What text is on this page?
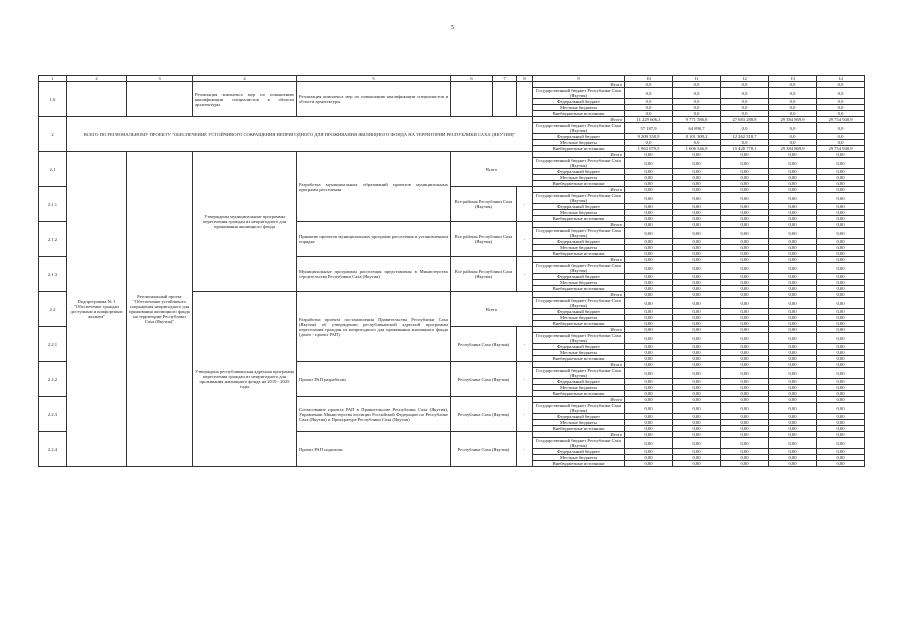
5
1	2	3	4	5	6	7	8	9	10	11	12	13	14
1.6			Реализация комплекса мер по повышению квалификации специалистов в области архитектуры	Реализация комплекса мер по повышению квалификации специалистов в области архитектуры				Итого	0,0	0,0	0,0	0,0	0,0
								Государственный бюджет Республики Саха (Якутия)	0,0	0,0	0,0	0,0	0,0
								Федеральный бюджет	0,0	0,0	0,0	0,0	0,0
								Местные бюджеты	0,0	0,0	0,0	0,0	0,0
								Внебюджетные источники	0,0	0,0	0,0	0,0	0,0
2	ВСЕГО ПО РЕГИОНАЛЬНОМУ ПРОЕКТУ "ОБЕСПЕЧЕНИЕ УСТОЙЧИВОГО СОКРАЩЕНИЯ НЕПРИГОДНОГО ДЛЯ ПРОЖИВАНИЯ ЖИЛИЩНОГО ФОНДА НА ТЕРРИТОРИИ РЕСПУБЛИКИ САХА (ЯКУТИЯ)"							Итого	11 229 606,3	9 771 586,8	27 683 288,8	29 384 869,9	29 754 940,9
								Государственный бюджет Республики Саха (Якутия)	57 187,9	64 890,7	0,0	0,0	0,0
								Федеральный бюджет	9 209 358,9	8 101 309,2	12 262 518,7	0,0	0,0
								Местные бюджеты	0,0	0,0	0,0	0,0	0,0
								Внебюджетные источники	1 963 079,5	1 606 546,9	15 420 770,1	29 384 869,9	29 754 940,9
2.1	Подпрограмма № 3 "Обеспечение граждан доступным и комфортным жильем"	Регоиональный проект "Обеспечение устойчивого сокращения непригодного для проживания жилищного фонда на территории Республики Саха (Якутия)"	Утверждены муниципальные программы переселения граждан из непригодного для проживания жилищного фонда	Разработка муниципальных образований проектов муниципальных программ расселения	Всего			Итого	0,00	0,00	0,00	0,00	0,00
								Государственный бюджет Республики Саха (Якутия)	0,00	0,00	0,00	0,00	0,00
								Федеральный бюджет	0,00	0,00	0,00	0,00	0,00
								Местные бюджеты	0,00	0,00	0,00	0,00	0,00
								Внебюджетные источники	0,00	0,00	0,00	0,00	0,00
2.1.1					Все районы Республики Саха (Якутия)		-	Итого	0,00	0,00	0,00	0,00	0,00
								Государственный бюджет Республики Саха (Якутия)	0,00	0,00	0,00	0,00	0,00
								Федеральный бюджет	0,00	0,00	0,00	0,00	0,00
								Местные бюджеты	0,00	0,00	0,00	0,00	0,00
								Внебюджетные источники	0,00	0,00	0,00	0,00	0,00
2.1.2				Принятие проектов муниципальных программ расселения в установленном порядке	Все районы Республики Саха (Якутия)		-	Итого	0,00	0,00	0,00	0,00	0,00
								Государственный бюджет Республики Саха (Якутия)	0,00	0,00	0,00	0,00	0,00
								Федеральный бюджет	0,00	0,00	0,00	0,00	0,00
								Местные бюджеты	0,00	0,00	0,00	0,00	0,00
								Внебюджетные источники	0,00	0,00	0,00	0,00	0,00
2.1.3				Муниципальные программы расселения представлены в Министерство строительства Республики Саха (Якутия)	Все районы Республики Саха (Якутия)		-	Итого	0,00	0,00	0,00	0,00	0,00
								Государственный бюджет Республики Саха (Якутия)	0,00	0,00	0,00	0,00	0,00
								Федеральный бюджет	0,00	0,00	0,00	0,00	0,00
								Местные бюджеты	0,00	0,00	0,00	0,00	0,00
								Внебюджетные источники	0,00	0,00	0,00	0,00	0,00
2.2			Утверждена республиканская адресная программа переселения граждан из непригодного для проживания жилищного фонда на 2019 - 2025 годы	Разработка проекта постановления Правительства Республики Саха (Якутия) об утверждении республиканской адресной программы переселения граждан из непригодного для проживания жилищного фонда (далее - проект РАП)	Всего			Итого	0,00	0,00	0,00	0,00	0,00
								Государственный бюджет Республики Саха (Якутия)	0,00	0,00	0,00	0,00	0,00
								Федеральный бюджет	0,00	0,00	0,00	0,00	0,00
								Местные бюджеты	0,00	0,00	0,00	0,00	0,00
								Внебюджетные источники	0,00	0,00	0,00	0,00	0,00
2.2.1					Республика Саха (Якутия)		-	Итого	0,00	0,00	0,00	0,00	0,00
								Государственный бюджет Республики Саха (Якутия)	0,00	0,00	0,00	0,00	0,00
								Федеральный бюджет	0,00	0,00	0,00	0,00	0,00
								Местные бюджеты	0,00	0,00	0,00	0,00	0,00
								Внебюджетные источники	0,00	0,00	0,00	0,00	0,00
2.2.2				Проект РАП разработан	Республика Саха (Якутия)		-	Итого	0,00	0,00	0,00	0,00	0,00
								Государственный бюджет Республики Саха (Якутия)	0,00	0,00	0,00	0,00	0,00
								Федеральный бюджет	0,00	0,00	0,00	0,00	0,00
								Местные бюджеты	0,00	0,00	0,00	0,00	0,00
								Внебюджетные источники	0,00	0,00	0,00	0,00	0,00
2.2.3				Согласование проекта РАП в Правительстве Республики Саха (Якутия), Управлении Министерства юстиции Российской Федерации по Республике Саха (Якутия) и Прокуратуре Республики Саха (Якутия)	Республика Саха (Якутия)		-	Итого	0,00	0,00	0,00	0,00	0,00
								Государственный бюджет Республики Саха (Якутия)	0,00	0,00	0,00	0,00	0,00
								Федеральный бюджет	0,00	0,00	0,00	0,00	0,00
								Местные бюджеты	0,00	0,00	0,00	0,00	0,00
								Внебюджетные источники	0,00	0,00	0,00	0,00	0,00
2.2.4				Проект РАП подписан	Республика Саха (Якутия)		-	Итого	0,00	0,00	0,00	0,00	0,00
								Государственный бюджет Республики Саха (Якутия)	0,00	0,00	0,00	0,00	0,00
								Федеральный бюджет	0,00	0,00	0,00	0,00	0,00
								Местные бюджеты	0,00	0,00	0,00	0,00	0,00
								Внебюджетные источники	0,00	0,00	0,00	0,00	0,00
